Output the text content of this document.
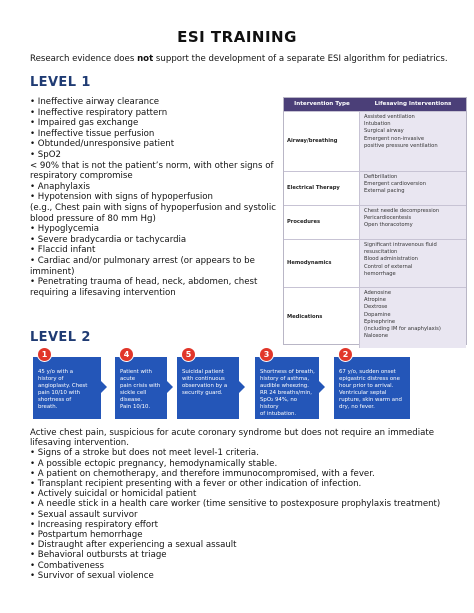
ESI TRAINING
Research evidence does not support the development of a separate ESI algorithm for pediatrics.
LEVEL 1
• Ineffective airway clearance
• Ineffective respiratory pattern
• Impaired gas exchange
• Ineffective tissue perfusion
• Obtunded/unresponsive patient
• SpO2
< 90% that is not the patient’s norm, with other signs of
respiratory compromise
• Anaphylaxis
• Hypotension with signs of hypoperfusion
(e.g., Chest pain with signs of hypoperfusion and systolic
blood pressure of 80 mm Hg)
• Hypoglycemia
• Severe bradycardia or tachycardia
• Flaccid infant
• Cardiac and/or pulmonary arrest (or appears to be
imminent)
• Penetrating trauma of head, neck, abdomen, chest
requiring a lifesaving intervention
Intervention Type	Lifesaving Interventions
Airway/breathing
Assisted ventilation
Intubation
Surgical airway
Emergent non-invasive
positive pressure ventilation
Electrical Therapy
Defibrillation
Emergent cardioversion
External pacing
Procedures
Chest needle decompression
Pericardiocentesis
Open thoracotomy
Hemodynamics
Significant intravenous fluid
resuscitation
Blood administration
Control of external
hemorrhage
Medications
Adenosine
Atropine
Dextrose
Dopamine
Epinephrine
(including IM for anaphylaxis)
Naloxone
LEVEL 2
1
45 y/o with a
history of
angioplasty. Chest
pain 10/10 with
shortness of
breath.
4
Patient with acute
pain crisis with
sickle cell disease.
Pain 10/10.
5
Suicidal patient
with continuous
observation by a
security guard.
3
Shortness of breath,
history of asthma,
audible wheezing.
RR 24 breaths/min,
SpO₂ 94%, no history
of intubation.
2
67 y/o, sudden onset
epigastric distress one
hour prior to arrival.
Ventricular septal
rupture, skin warm and
dry, no fever.
Active chest pain, suspicious for acute coronary syndrome but does not require an immediate
lifesaving intervention.
• Signs of a stroke but does not meet level-1 criteria.
• A possible ectopic pregnancy, hemodynamically stable.
• A patient on chemotherapy, and therefore immunocompromised, with a fever.
• Transplant recipient presenting with a fever or other indication of infection.
• Actively suicidal or homicidal patient
• A needle stick in a health care worker (time sensitive to postexposure prophylaxis treatment)
• Sexual assault survivor
• Increasing respiratory effort
• Postpartum hemorrhage
• Distraught after experiencing a sexual assault
• Behavioral outbursts at triage
• Combativeness
• Survivor of sexual violence
